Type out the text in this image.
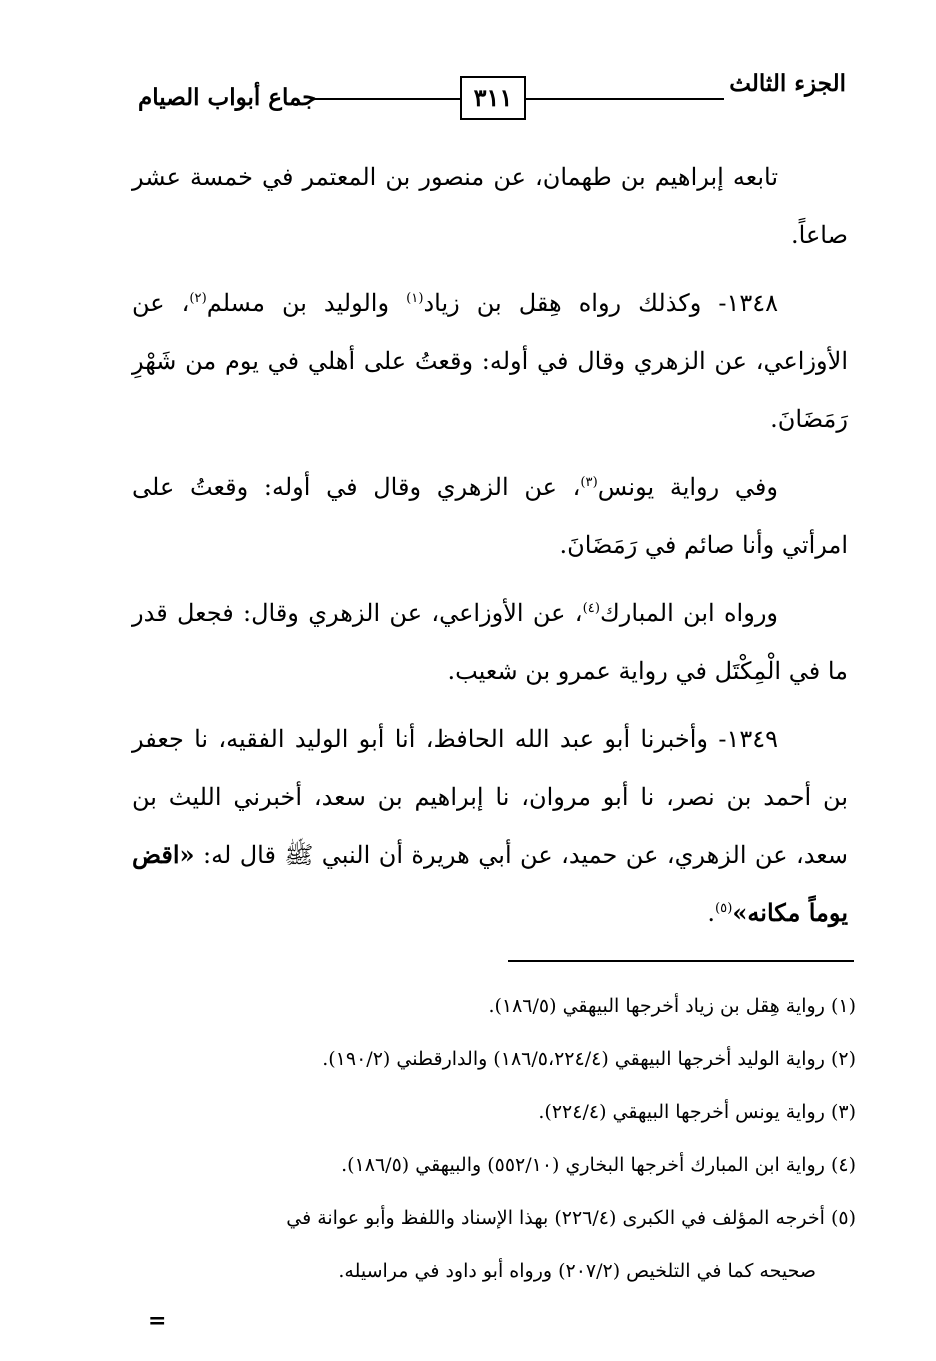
الجزء الثالث
٣١١
جماع أبواب الصيام

تابعه إبراهيم بن طهمان، عن منصور بن المعتمر في خمسة عشر صاعاً.

١٣٤٨- وكذلك رواه هِقل بن زياد$^{(١)}$ والوليد بن مسلم$^{(٢)}$، عن الأوزاعي، عن الزهري وقال في أوله: وقعتُ على أهلي في يوم من شَهْرِ رَمَضَانَ.

وفي رواية يونس$^{(٣)}$، عن الزهري وقال في أوله: وقعتُ على امرأتي وأنا صائم في رَمَضَانَ.

ورواه ابن المبارك$^{(٤)}$، عن الأوزاعي، عن الزهري وقال: فجعل قدر ما في الْمِكْتَل في رواية عمرو بن شعيب.

١٣٤٩- وأخبرنا أبو عبد الله الحافظ، أنا أبو الوليد الفقيه، نا جعفر بن أحمد بن نصر، نا أبو مروان، نا إبراهيم بن سعد، أخبرني الليث بن سعد، عن الزهري، عن حميد، عن أبي هريرة أن النبي ﷺ قال له: «اقض يوماً مكانه»$^{(٥)}$.

(١) رواية هِقل بن زياد أخرجها البيهقي (١٨٦/٥).

(٢) رواية الوليد أخرجها البيهقي (١٨٦/٥،٢٢٤/٤) والدارقطني (١٩٠/٢).

(٣) رواية يونس أخرجها البيهقي (٢٢٤/٤).

(٤) رواية ابن المبارك أخرجها البخاري (٥٥٢/١٠) والبيهقي (١٨٦/٥).

(٥) أخرجه المؤلف في الكبرى (٢٢٦/٤) بهذا الإسناد واللفظ وأبو عوانة في

صحيحه كما في التلخيص (٢٠٧/٢) ورواه أبو داود في مراسيله.

=
